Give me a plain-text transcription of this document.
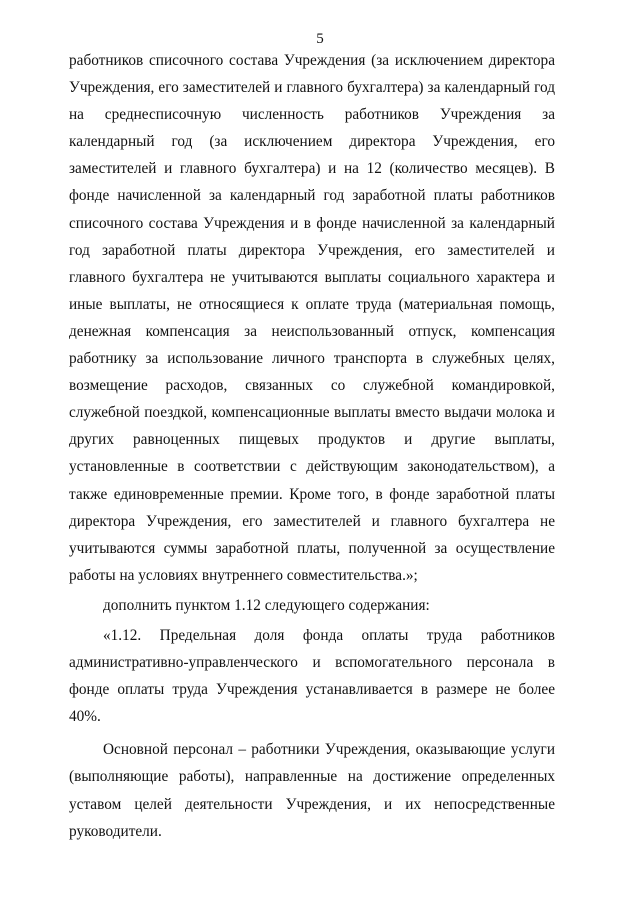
5

работников списочного состава Учреждения (за исключением директора Учреждения, его заместителей и главного бухгалтера) за календарный год на среднесписочную численность работников Учреждения за календарный год (за исключением директора Учреждения, его заместителей и главного бухгалтера) и на 12 (количество месяцев). В фонде начисленной за календарный год заработной платы работников списочного состава Учреждения и в фонде начисленной за календарный год заработной платы директора Учреждения, его заместителей и главного бухгалтера не учитываются выплаты социального характера и иные выплаты, не относящиеся к оплате труда (материальная помощь, денежная компенсация за неиспользованный отпуск, компенсация работнику за использование личного транспорта в служебных целях, возмещение расходов, связанных со служебной командировкой, служебной поездкой, компенсационные выплаты вместо выдачи молока и других равноценных пищевых продуктов и другие выплаты, установленные в соответствии с действующим законодательством), а также единовременные премии. Кроме того, в фонде заработной платы директора Учреждения, его заместителей и главного бухгалтера не учитываются суммы заработной платы, полученной за осуществление работы на условиях внутреннего совместительства.»;

дополнить пунктом 1.12 следующего содержания:

«1.12. Предельная доля фонда оплаты труда работников административно-управленческого и вспомогательного персонала в фонде оплаты труда Учреждения устанавливается в размере не более 40%.

Основной персонал – работники Учреждения, оказывающие услуги (выполняющие работы), направленные на достижение определенных уставом целей деятельности Учреждения, и их непосредственные руководители.
